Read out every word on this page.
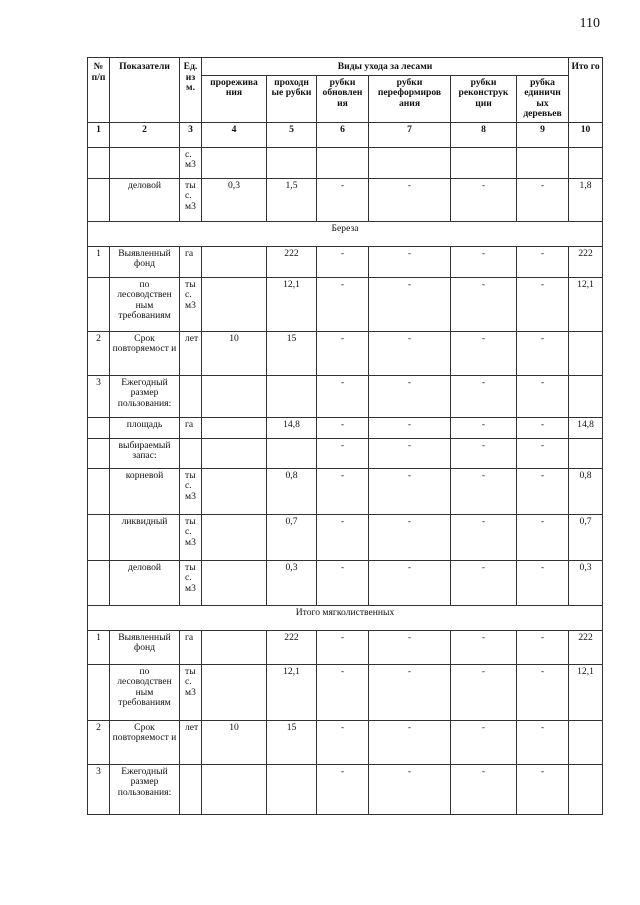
110
№ п/п	Показатели	Ед. из м.	Виды ухода за лесами						Ито го
			прорежива ния	проходн ые рубки	рубки обновлен ия	рубки переформиров ания	рубки реконструк ции	рубка единичн ых деревьев	
1	2	3	4	5	6	7	8	9	10
		с. м3							
	деловой	ты с. м3	0,3	1,5	-	-	-	-	1,8
Береза									
1	Выявленный фонд	га		222	-	-	-	-	222
	по лесоводствен ным требованиям	ты с. м3		12,1	-	-	-	-	12,1
2	Срок повторяемост и	лет	10	15	-	-	-	-	
3	Ежегодный размер пользования:				-	-	-	-	
	площадь	га		14,8	-	-	-	-	14,8
	выбираемый запас:				-	-	-	-	
	корневой	ты с. м3		0,8	-	-	-	-	0,8
	ликвидный	ты с. м3		0,7	-	-	-	-	0,7
	деловой	ты с. м3		0,3	-	-	-	-	0,3
Итого мягколиственных									
1	Выявленный фонд	га		222	-	-	-	-	222
	по лесоводствен ным требованиям	ты с. м3		12,1	-	-	-	-	12,1
2	Срок повторяемост и	лет	10	15	-	-	-	-	
3	Ежегодный размер пользования:				-	-	-	-	
